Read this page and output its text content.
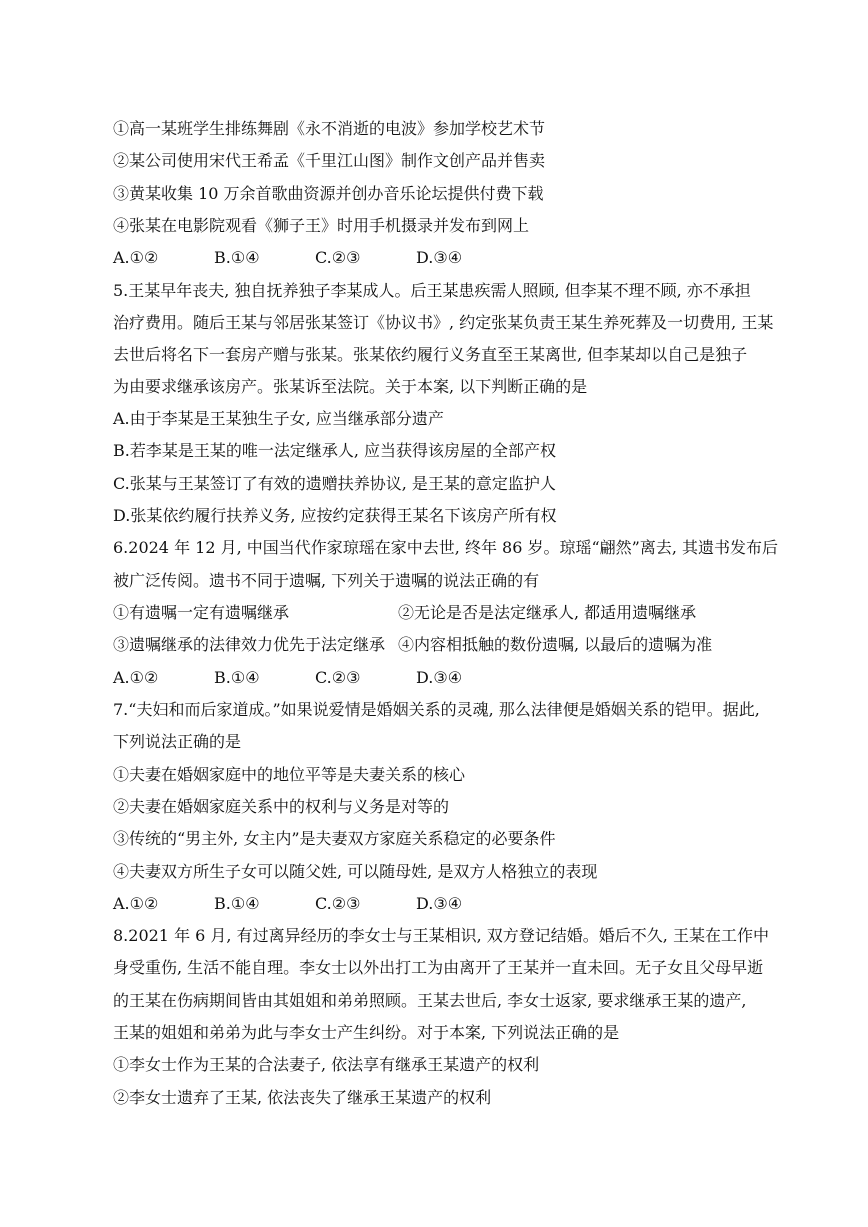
①高一某班学生排练舞剧《永不消逝的电波》参加学校艺术节
②某公司使用宋代王希孟《千里江山图》制作文创产品并售卖
③黄某收集 10 万余首歌曲资源并创办音乐论坛提供付费下载
④张某在电影院观看《狮子王》时用手机摄录并发布到网上
A.①②	B.①④	C.②③	D.③④
5.王某早年丧夫, 独自抚养独子李某成人。后王某患疾需人照顾, 但李某不理不顾, 亦不承担
治疗费用。随后王某与邻居张某签订《协议书》, 约定张某负责王某生养死葬及一切费用, 王某
去世后将名下一套房产赠与张某。张某依约履行义务直至王某离世, 但李某却以自己是独子
为由要求继承该房产。张某诉至法院。关于本案, 以下判断正确的是
A.由于李某是王某独生子女, 应当继承部分遗产
B.若李某是王某的唯一法定继承人, 应当获得该房屋的全部产权
C.张某与王某签订了有效的遗赠扶养协议, 是王某的意定监护人
D.张某依约履行扶养义务, 应按约定获得王某名下该房产所有权
6.2024 年 12 月, 中国当代作家琼瑶在家中去世, 终年 86 岁。琼瑶“翩然”离去, 其遗书发布后
被广泛传阅。遗书不同于遗嘱, 下列关于遗嘱的说法正确的有
①有遗嘱一定有遗嘱继承	②无论是否是法定继承人, 都适用遗嘱继承
③遗嘱继承的法律效力优先于法定继承 ④内容相抵触的数份遗嘱, 以最后的遗嘱为准
A.①②	B.①④	C.②③	D.③④
7.“夫妇和而后家道成。”如果说爱情是婚姻关系的灵魂, 那么法律便是婚姻关系的铠甲。据此,
下列说法正确的是
①夫妻在婚姻家庭中的地位平等是夫妻关系的核心
②夫妻在婚姻家庭关系中的权利与义务是对等的
③传统的“男主外, 女主内”是夫妻双方家庭关系稳定的必要条件
④夫妻双方所生子女可以随父姓, 可以随母姓, 是双方人格独立的表现
A.①②	B.①④	C.②③	D.③④
8.2021 年 6 月, 有过离异经历的李女士与王某相识, 双方登记结婚。婚后不久, 王某在工作中
身受重伤, 生活不能自理。李女士以外出打工为由离开了王某并一直未回。无子女且父母早逝
的王某在伤病期间皆由其姐姐和弟弟照顾。王某去世后, 李女士返家, 要求继承王某的遗产,
王某的姐姐和弟弟为此与李女士产生纠纷。对于本案, 下列说法正确的是
①李女士作为王某的合法妻子, 依法享有继承王某遗产的权利
②李女士遗弃了王某, 依法丧失了继承王某遗产的权利
